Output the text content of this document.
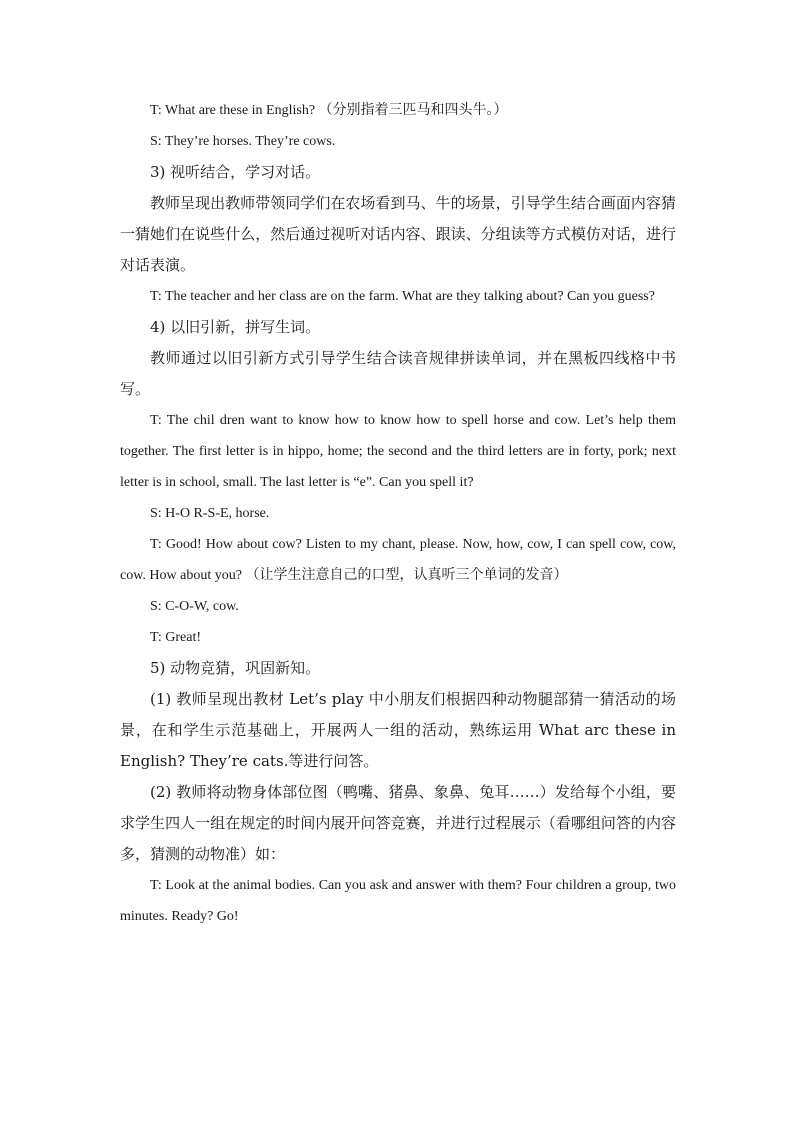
T: What are these in English? （分别指着三匹马和四头牛。）

S: They’re horses. They’re cows.

3) 视听结合，学习对话。

教师呈现出教师带领同学们在农场看到马、牛的场景，引导学生结合画面内容猜一猜她们在说些什么，然后通过视听对话内容、跟读、分组读等方式模仿对话，进行对话表演。

T: The teacher and her class are on the farm. What are they talking about? Can you guess?

4) 以旧引新，拼写生词。

教师通过以旧引新方式引导学生结合读音规律拼读单词，并在黑板四线格中书写。

T: The chil dren want to know how to know how to spell horse and cow. Let’s help them together. The first letter is in hippo, home; the second and the third letters are in forty, pork; next letter is in school, small. The last letter is “e”. Can you spell it?

S: H-O R-S-E, horse.

T: Good! How about cow? Listen to my chant, please. Now, how, cow, I can spell cow, cow, cow. How about you? （让学生注意自己的口型，认真听三个单词的发音）

S: C-O-W, cow.

T: Great!

5) 动物竞猜，巩固新知。

(1) 教师呈现出教材 Let’s play 中小朋友们根据四种动物腿部猜一猜活动的场景，在和学生示范基础上，开展两人一组的活动，熟练运用 What arc these in English? They’re cats.等进行问答。

(2) 教师将动物身体部位图（鸭嘴、猪鼻、象鼻、兔耳……）发给每个小组，要求学生四人一组在规定的时间内展开问答竞赛，并进行过程展示（看哪组问答的内容多，猜测的动物准）如：

T: Look at the animal bodies. Can you ask and answer with them? Four children a group, two minutes. Ready? Go!
